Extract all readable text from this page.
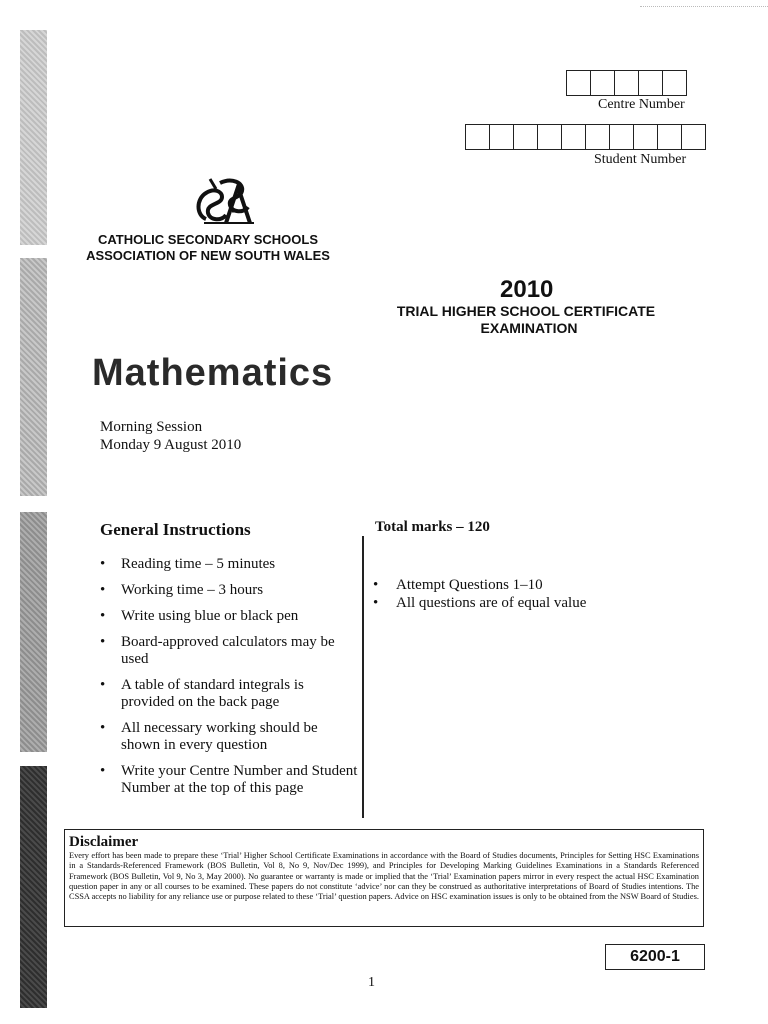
Centre Number
Student Number
CATHOLIC SECONDARY SCHOOLS
ASSOCIATION OF NEW SOUTH WALES
2010
TRIAL HIGHER SCHOOL CERTIFICATE
EXAMINATION
Mathematics
Morning Session
Monday 9 August 2010
General Instructions
• Reading time – 5 minutes
• Working time – 3 hours
• Write using blue or black pen
• Board-approved calculators may be used
• A table of standard integrals is provided on the back page
• All necessary working should be shown in every question
• Write your Centre Number and Student Number at the top of this page
Total marks – 120
• Attempt Questions 1–10
• All questions are of equal value
Disclaimer

Every effort has been made to prepare these ‘Trial’ Higher School Certificate Examinations in accordance with the Board of Studies documents, Principles for Setting HSC Examinations in a Standards-Referenced Framework (BOS Bulletin, Vol 8, No 9, Nov/Dec 1999), and Principles for Developing Marking Guidelines Examinations in a Standards Referenced Framework (BOS Bulletin, Vol 9, No 3, May 2000). No guarantee or warranty is made or implied that the ‘Trial’ Examination papers mirror in every respect the actual HSC Examination question paper in any or all courses to be examined. These papers do not constitute ‘advice’ nor can they be construed as authoritative interpretations of Board of Studies intentions. The CSSA accepts no liability for any reliance use or purpose related to these ‘Trial’ question papers. Advice on HSC examination issues is only to be obtained from the NSW Board of Studies.

6200-1
1
